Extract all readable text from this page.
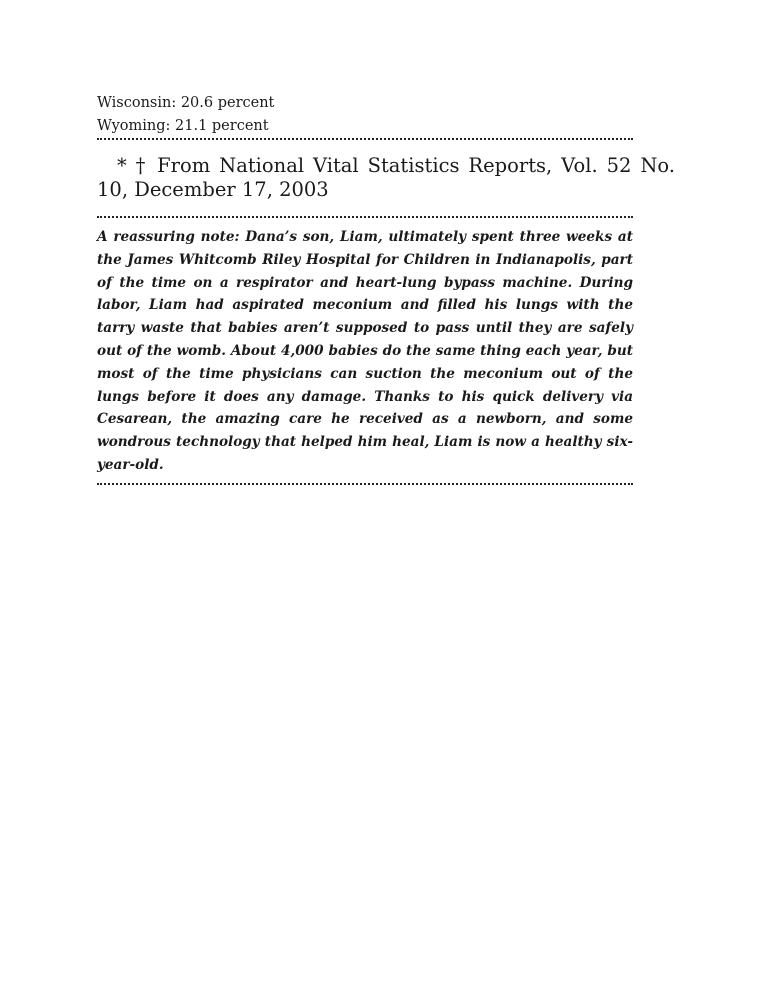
Wisconsin: 20.6 percent

Wyoming: 21.1 percent

* † From National Vital Statistics Reports, Vol. 52 No. 10, December 17, 2003

A reassuring note: Dana’s son, Liam, ultimately spent three weeks at the James Whitcomb Riley Hospital for Children in Indianapolis, part of the time on a respirator and heart-lung bypass machine. During labor, Liam had aspirated meconium and filled his lungs with the tarry waste that babies aren’t supposed to pass until they are safely out of the womb. About 4,000 babies do the same thing each year, but most of the time physicians can suction the meconium out of the lungs before it does any damage. Thanks to his quick delivery via Cesarean, the amazing care he received as a newborn, and some wondrous technology that helped him heal, Liam is now a healthy six-year-old.
